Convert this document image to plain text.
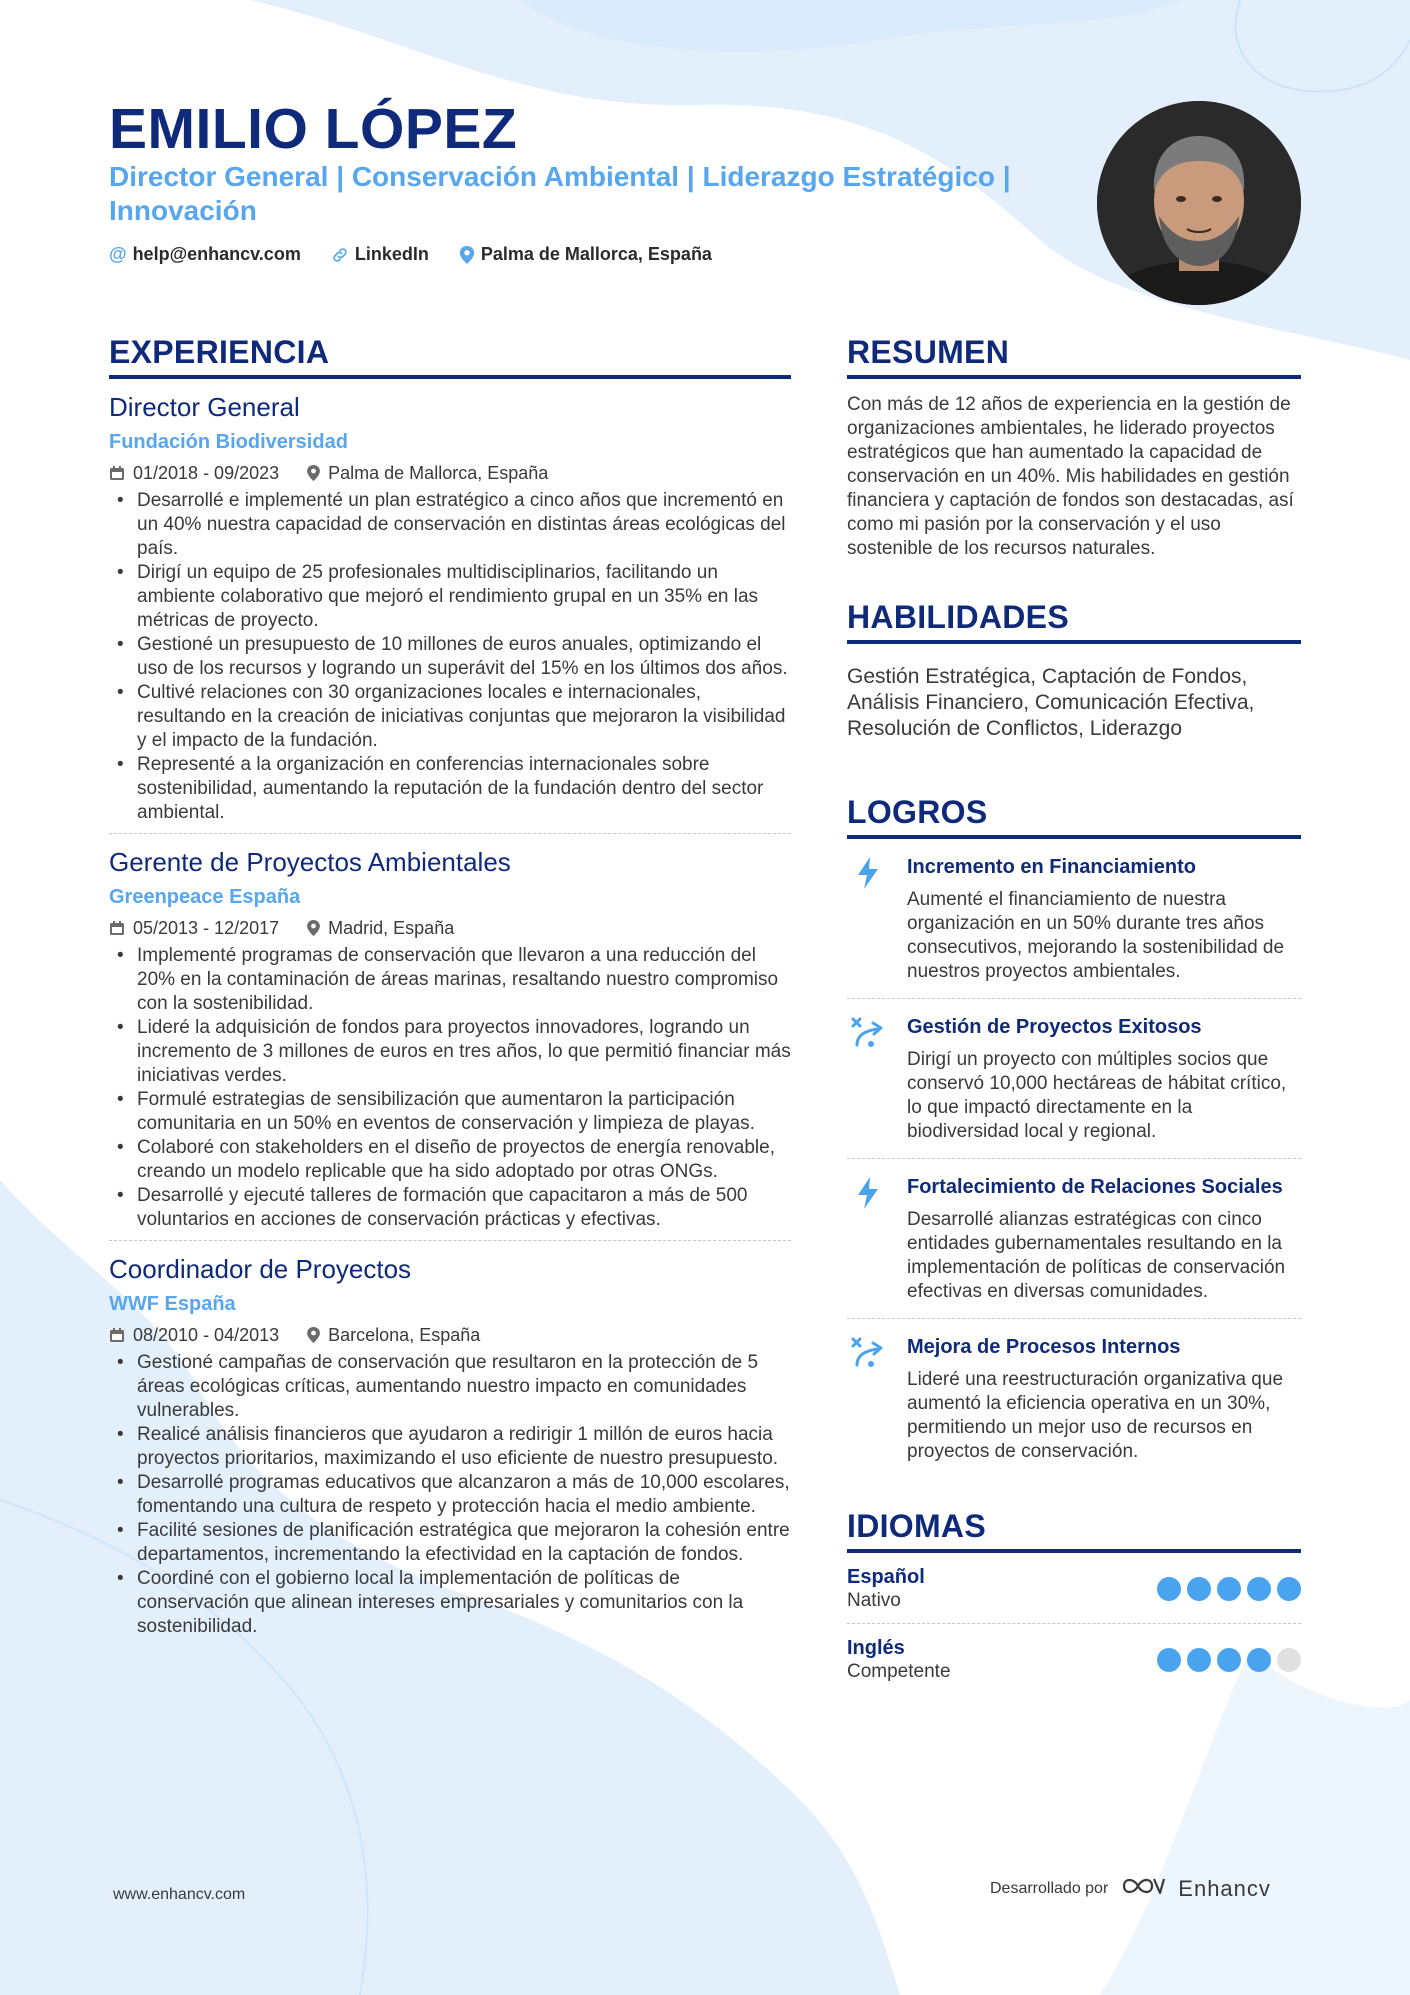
EMILIO LÓPEZ
Director General | Conservación Ambiental | Liderazgo Estratégico | Innovación
@ help@enhancv.com	LinkedIn	Palma de Mallorca, España
EXPERIENCIA
Director General
Fundación Biodiversidad
01/2018 - 09/2023	Palma de Mallorca, España
• Desarrollé e implementé un plan estratégico a cinco años que incrementó en un 40% nuestra capacidad de conservación en distintas áreas ecológicas del país.
• Dirigí un equipo de 25 profesionales multidisciplinarios, facilitando un ambiente colaborativo que mejoró el rendimiento grupal en un 35% en las métricas de proyecto.
• Gestioné un presupuesto de 10 millones de euros anuales, optimizando el uso de los recursos y logrando un superávit del 15% en los últimos dos años.
• Cultivé relaciones con 30 organizaciones locales e internacionales, resultando en la creación de iniciativas conjuntas que mejoraron la visibilidad y el impacto de la fundación.
• Representé a la organización en conferencias internacionales sobre sostenibilidad, aumentando la reputación de la fundación dentro del sector ambiental.
Gerente de Proyectos Ambientales
Greenpeace España
05/2013 - 12/2017	Madrid, España
• Implementé programas de conservación que llevaron a una reducción del 20% en la contaminación de áreas marinas, resaltando nuestro compromiso con la sostenibilidad.
• Lideré la adquisición de fondos para proyectos innovadores, logrando un incremento de 3 millones de euros en tres años, lo que permitió financiar más iniciativas verdes.
• Formulé estrategias de sensibilización que aumentaron la participación comunitaria en un 50% en eventos de conservación y limpieza de playas.
• Colaboré con stakeholders en el diseño de proyectos de energía renovable, creando un modelo replicable que ha sido adoptado por otras ONGs.
• Desarrollé y ejecuté talleres de formación que capacitaron a más de 500 voluntarios en acciones de conservación prácticas y efectivas.
Coordinador de Proyectos
WWF España
08/2010 - 04/2013	Barcelona, España
• Gestioné campañas de conservación que resultaron en la protección de 5 áreas ecológicas críticas, aumentando nuestro impacto en comunidades vulnerables.
• Realicé análisis financieros que ayudaron a redirigir 1 millón de euros hacia proyectos prioritarios, maximizando el uso eficiente de nuestro presupuesto.
• Desarrollé programas educativos que alcanzaron a más de 10,000 escolares, fomentando una cultura de respeto y protección hacia el medio ambiente.
• Facilité sesiones de planificación estratégica que mejoraron la cohesión entre departamentos, incrementando la efectividad en la captación de fondos.
• Coordiné con el gobierno local la implementación de políticas de conservación que alinean intereses empresariales y comunitarios con la sostenibilidad.
RESUMEN
Con más de 12 años de experiencia en la gestión de organizaciones ambientales, he liderado proyectos estratégicos que han aumentado la capacidad de conservación en un 40%. Mis habilidades en gestión financiera y captación de fondos son destacadas, así como mi pasión por la conservación y el uso sostenible de los recursos naturales.
HABILIDADES
Gestión Estratégica, Captación de Fondos, Análisis Financiero, Comunicación Efectiva, Resolución de Conflictos, Liderazgo
LOGROS
Incremento en Financiamiento
Aumenté el financiamiento de nuestra organización en un 50% durante tres años consecutivos, mejorando la sostenibilidad de nuestros proyectos ambientales.
Gestión de Proyectos Exitosos
Dirigí un proyecto con múltiples socios que conservó 10,000 hectáreas de hábitat crítico, lo que impactó directamente en la biodiversidad local y regional.
Fortalecimiento de Relaciones Sociales
Desarrollé alianzas estratégicas con cinco entidades gubernamentales resultando en la implementación de políticas de conservación efectivas en diversas comunidades.
Mejora de Procesos Internos
Lideré una reestructuración organizativa que aumentó la eficiencia operativa en un 30%, permitiendo un mejor uso de recursos en proyectos de conservación.
IDIOMAS
Español
Nativo
Inglés
Competente
www.enhancv.com	Desarrollado por	Enhancv
